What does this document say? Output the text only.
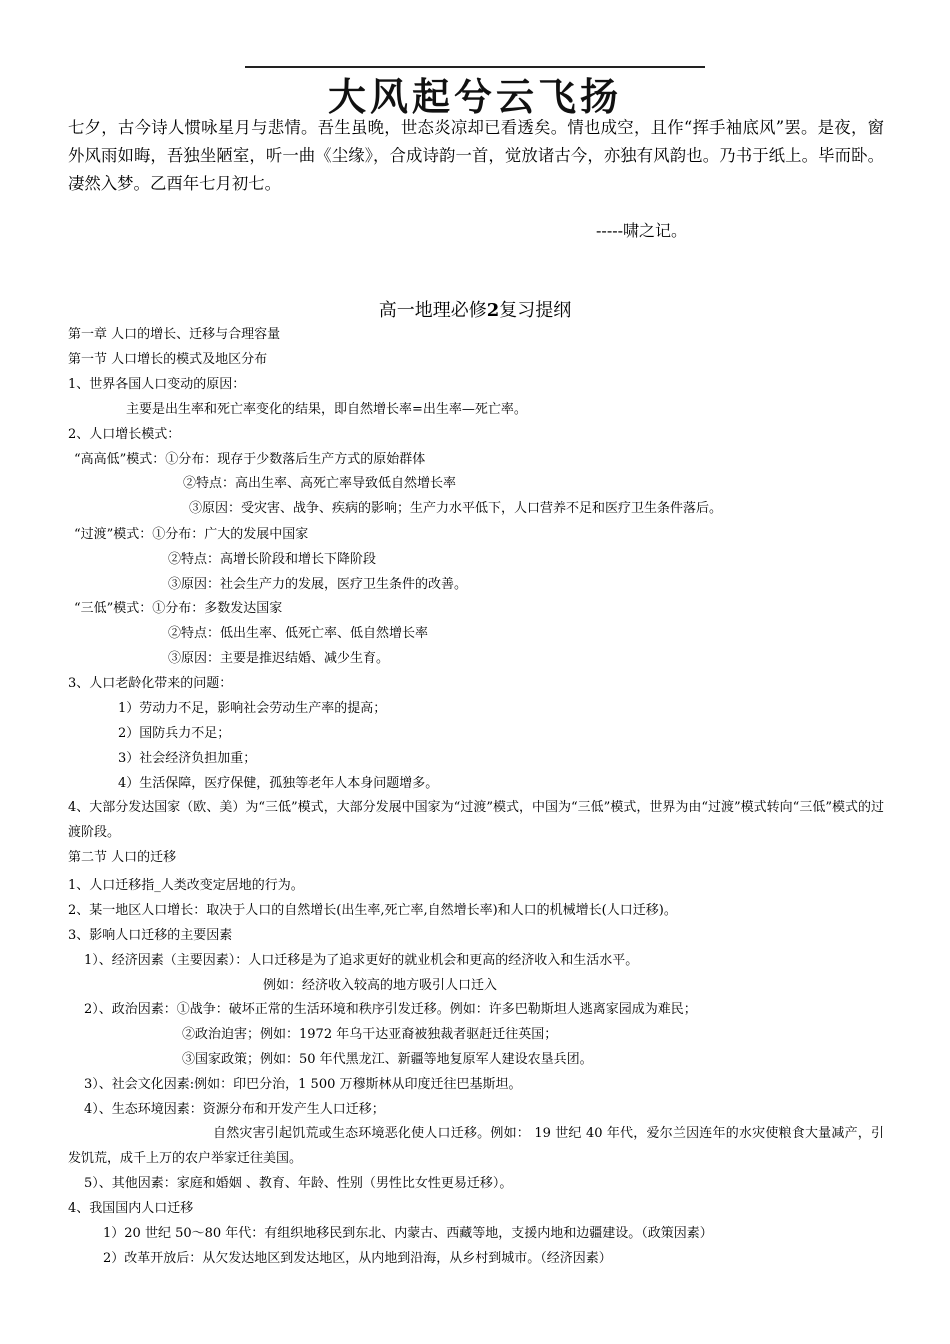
大风起兮云飞扬
七夕，古今诗人惯咏星月与悲情。吾生虽晚，世态炎凉却已看透矣。情也成空，且作“挥手袖底风”罢。是夜，窗外风雨如晦，吾独坐陋室，听一曲《尘缘》，合成诗韵一首，觉放诸古今，亦独有风韵也。乃书于纸上。毕而卧。凄然入梦。乙酉年七月初七。
-----啸之记。
高一地理必修2复习提纲
第一章 人口的增长、迁移与合理容量
第一节 人口增长的模式及地区分布
1、世界各国人口变动的原因：
主要是出生率和死亡率变化的结果，即自然增长率=出生率—死亡率。
2、人口增长模式：
“高高低”模式：①分布：现存于少数落后生产方式的原始群体
②特点：高出生率、高死亡率导致低自然增长率
③原因：受灾害、战争、疾病的影响；生产力水平低下，人口营养不足和医疗卫生条件落后。
“过渡”模式：①分布：广大的发展中国家
②特点：高增长阶段和增长下降阶段
③原因：社会生产力的发展，医疗卫生条件的改善。
“三低”模式：①分布：多数发达国家
②特点：低出生率、低死亡率、低自然增长率
③原因：主要是推迟结婚、减少生育。
3、人口老龄化带来的问题：
1）劳动力不足，影响社会劳动生产率的提高；
2）国防兵力不足；
3）社会经济负担加重；
4）生活保障，医疗保健，孤独等老年人本身问题增多。
4、大部分发达国家（欧、美）为“三低”模式，大部分发展中国家为“过渡”模式，中国为“三低”模式，世界为由“过渡”模式转向“三低”模式的过渡阶段。
第二节 人口的迁移
1、人口迁移指_人类改变定居地的行为。
2、某一地区人口增长：取决于人口的自然增长(出生率,死亡率,自然增长率)和人口的机械增长(人口迁移)。
3、影响人口迁移的主要因素
1）、经济因素（主要因素）：人口迁移是为了追求更好的就业机会和更高的经济收入和生活水平。
例如：经济收入较高的地方吸引人口迁入
2）、政治因素：①战争：破坏正常的生活环境和秩序引发迁移。例如：许多巴勒斯坦人逃离家园成为难民；
②政治迫害；例如：1972 年乌干达亚裔被独裁者驱赶迁往英国；
③国家政策；例如：50 年代黑龙江、新疆等地复原军人建设农垦兵团。
3）、社会文化因素:例如：印巴分治，1 500 万穆斯林从印度迁往巴基斯坦。
4）、生态环境因素：资源分布和开发产生人口迁移；
自然灾害引起饥荒或生态环境恶化使人口迁移。例如： 19 世纪 40 年代，爱尔兰因连年的水灾使粮食大量减产，引发饥荒，成千上万的农户举家迁往美国。
5）、其他因素：家庭和婚姻 、教育、年龄、性别（男性比女性更易迁移）。
4、我国国内人口迁移
1）20 世纪 50～80 年代：有组织地移民到东北、内蒙古、西藏等地，支援内地和边疆建设。（政策因素）
2）改革开放后：从欠发达地区到发达地区，从内地到沿海，从乡村到城市。（经济因素）
